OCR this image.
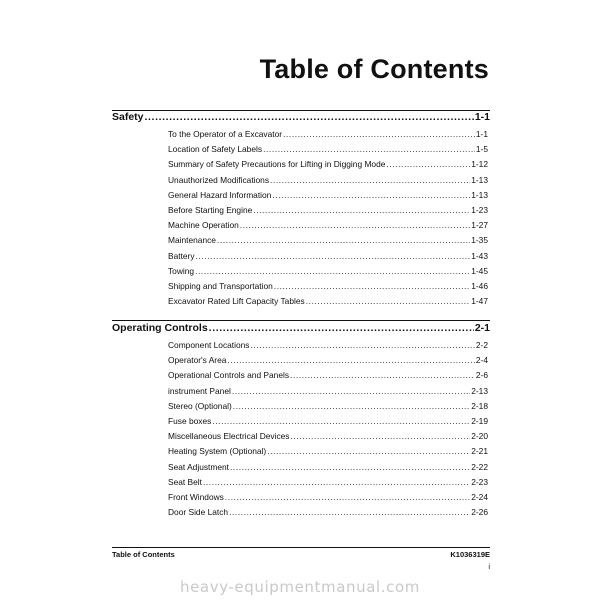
Table of Contents
Safety .....	1-1
To the Operator of a Excavator .....	1-1
Location of Safety Labels .....	1-5
Summary of Safety Precautions for Lifting in Digging Mode .....	1-12
Unauthorized Modifications .....	1-13
General Hazard Information .....	1-13
Before Starting Engine .....	1-23
Machine Operation .....	1-27
Maintenance .....	1-35
Battery .....	1-43
Towing .....	1-45
Shipping and Transportation .....	1-46
Excavator Rated Lift Capacity Tables .....	1-47
Operating Controls .....	2-1
Component Locations .....	2-2
Operator's Area .....	2-4
Operational Controls and Panels .....	2-6
instrument Panel .....	2-13
Stereo (Optional) .....	2-18
Fuse boxes .....	2-19
Miscellaneous Electrical Devices .....	2-20
Heating System (Optional) .....	2-21
Seat Adjustment .....	2-22
Seat Belt .....	2-23
Front Windows .....	2-24
Door Side Latch .....	2-26
Table of Contents	K1036319E
i
heavy-equipmentmanual.com
